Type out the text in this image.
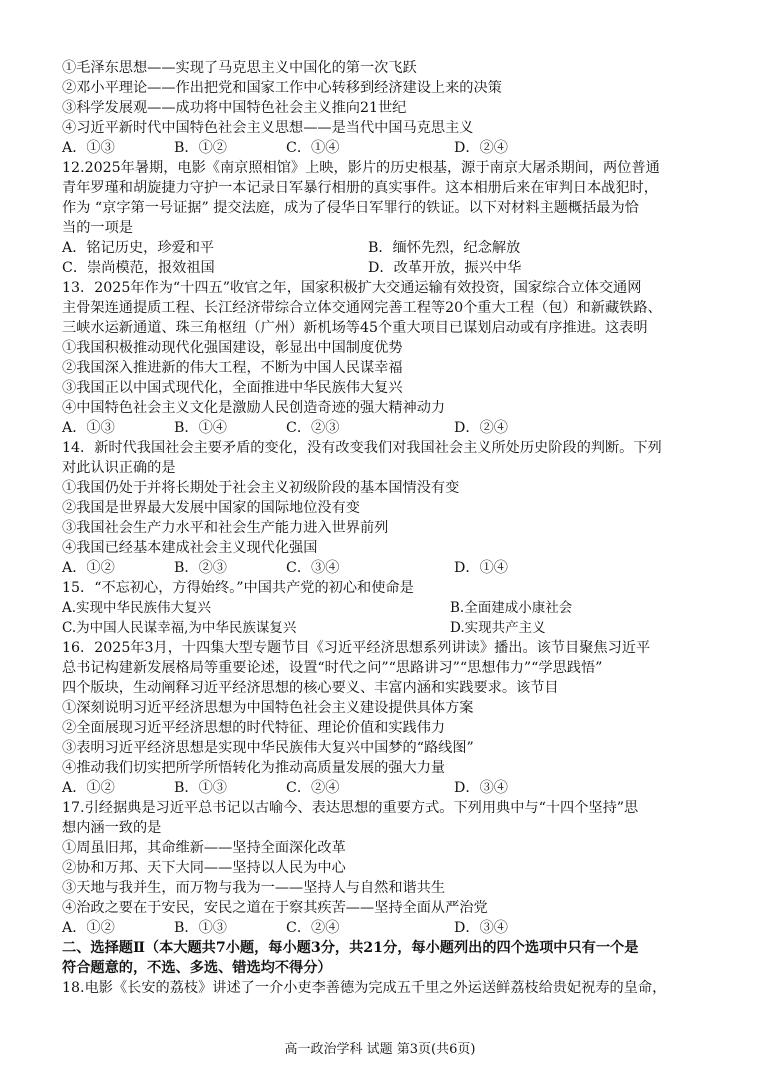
①毛泽东思想——实现了马克思主义中国化的第一次飞跃
②邓小平理论——作出把党和国家工作中心转移到经济建设上来的决策
③科学发展观——成功将中国特色社会主义推向21世纪
④习近平新时代中国特色社会主义思想——是当代中国马克思主义
A．①③	B．①②	C．①④	D．②④
12.2025年暑期，电影《南京照相馆》上映，影片的历史根基，源于南京大屠杀期间，两位普通
青年罗瑾和胡旋捷力守护一本记录日军暴行相册的真实事件。这本相册后来在审判日本战犯时，
作为 “京字第一号证据” 提交法庭，成为了侵华日军罪行的铁证。以下对材料主题概括最为恰
当的一项是
A．铭记历史，珍爱和平	B．缅怀先烈，纪念解放
C．崇尚模范，报效祖国	D．改革开放，振兴中华
13．2025年作为“十四五”收官之年，国家积极扩大交通运输有效投资，国家综合立体交通网
主骨架连通提质工程、长江经济带综合立体交通网完善工程等20个重大工程（包）和新藏铁路、
三峡水运新通道、珠三角枢纽（广州）新机场等45个重大项目已谋划启动或有序推进。这表明
①我国积极推动现代化强国建设，彰显出中国制度优势
②我国深入推进新的伟大工程，不断为中国人民谋幸福
③我国正以中国式现代化，全面推进中华民族伟大复兴
④中国特色社会主义文化是激励人民创造奇迹的强大精神动力
A．①③	B．①④	C．②③	D．②④
14．新时代我国社会主要矛盾的变化，没有改变我们对我国社会主义所处历史阶段的判断。下列
对此认识正确的是
①我国仍处于并将长期处于社会主义初级阶段的基本国情没有变
②我国是世界最大发展中国家的国际地位没有变
③我国社会生产力水平和社会生产能力进入世界前列
④我国已经基本建成社会主义现代化强国
A．①②	B．②③	C．③④	D．①④
15．“不忘初心，方得始终。”中国共产党的初心和使命是
A.实现中华民族伟大复兴	B.全面建成小康社会
C.为中国人民谋幸福,为中华民族谋复兴	D.实现共产主义
16．2025年3月，十四集大型专题节目《习近平经济思想系列讲读》播出。该节目聚焦习近平
总书记构建新发展格局等重要论述，设置“时代之问”“思路讲习”“思想伟力”“学思践悟”
四个版块，生动阐释习近平经济思想的核心要义、丰富内涵和实践要求。该节目
①深刻说明习近平经济思想为中国特色社会主义建设提供具体方案
②全面展现习近平经济思想的时代特征、理论价值和实践伟力
③表明习近平经济思想是实现中华民族伟大复兴中国梦的“路线图”
④推动我们切实把所学所悟转化为推动高质量发展的强大力量
A．①②	B．①③	C．②④	D．③④
17.引经据典是习近平总书记以古喻今、表达思想的重要方式。下列用典中与“十四个坚持”思
想内涵一致的是
①周虽旧邦，其命维新——坚持全面深化改革
②协和万邦、天下大同——坚持以人民为中心
③天地与我并生，而万物与我为一——坚持人与自然和谐共生
④治政之要在于安民，安民之道在于察其疾苦——坚持全面从严治党
A．①②	B．①③	C．②④	D．③④
二、选择题Ⅱ（本大题共7小题，每小题3分，共21分，每小题列出的四个选项中只有一个是
符合题意的，不选、多选、错选均不得分）
18.电影《长安的荔枝》讲述了一介小吏李善德为完成五千里之外运送鲜荔枝给贵妃祝寿的皇命，
高一政治学科 试题 第3页(共6页)
